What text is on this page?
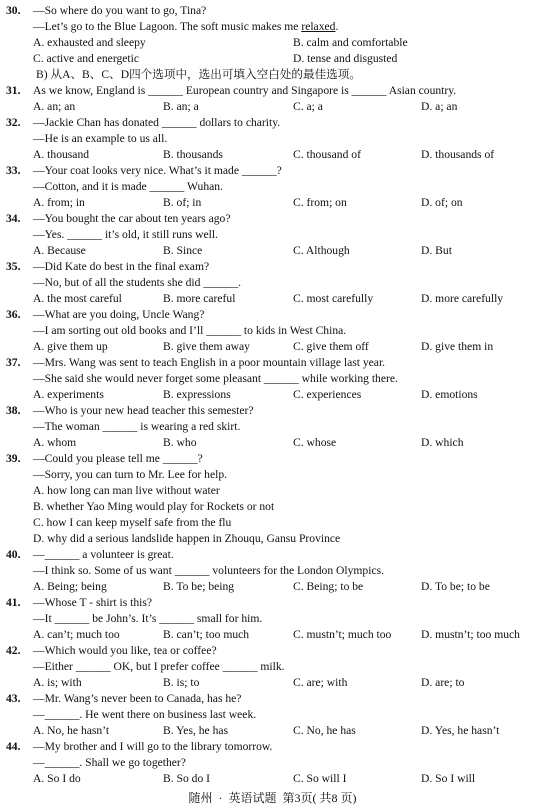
30. —So where do you want to go, Tina?
—Let’s go to the Blue Lagoon. The soft music makes me relaxed.
A. exhausted and sleepy	B. calm and comfortable
C. active and energetic	D. tense and disgusted
B) 从A、B、C、D四个选项中，选出可填入空白处的最佳选项。
31. As we know, England is ______ European country and Singapore is ______ Asian country.
A. an; an	B. an; a	C. a; a	D. a; an
32. —Jackie Chan has donated ______ dollars to charity.
—He is an example to us all.
A. thousand	B. thousands	C. thousand of	D. thousands of
33. —Your coat looks very nice. What’s it made ______?
—Cotton, and it is made ______ Wuhan.
A. from; in	B. of; in	C. from; on	D. of; on
34. —You bought the car about ten years ago?
—Yes. ______ it’s old, it still runs well.
A. Because	B. Since	C. Although	D. But
35. —Did Kate do best in the final exam?
—No, but of all the students she did ______.
A. the most careful	B. more careful	C. most carefully	D. more carefully
36. —What are you doing, Uncle Wang?
—I am sorting out old books and I’ll ______ to kids in West China.
A. give them up	B. give them away	C. give them off	D. give them in
37. —Mrs. Wang was sent to teach English in a poor mountain village last year.
—She said she would never forget some pleasant ______ while working there.
A. experiments	B. expressions	C. experiences	D. emotions
38. —Who is your new head teacher this semester?
—The woman ______ is wearing a red skirt.
A. whom	B. who	C. whose	D. which
39. —Could you please tell me ______?
—Sorry, you can turn to Mr. Lee for help.
A. how long can man live without water
B. whether Yao Ming would play for Rockets or not
C. how I can keep myself safe from the flu
D. why did a serious landslide happen in Zhouqu, Gansu Province
40. —______ a volunteer is great.
—I think so. Some of us want ______ volunteers for the London Olympics.
A. Being; being	B. To be; being	C. Being; to be	D. To be; to be
41. —Whose T - shirt is this?
—It ______ be John’s. It’s ______ small for him.
A. can’t; much too	B. can’t; too much	C. mustn’t; much too	D. mustn’t; too much
42. —Which would you like, tea or coffee?
—Either ______ OK, but I prefer coffee ______ milk.
A. is; with	B. is; to	C. are; with	D. are; to
43. —Mr. Wang’s never been to Canada, has he?
—______. He went there on business last week.
A. No, he hasn’t	B. Yes, he has	C. No, he has	D. Yes, he hasn’t
44. —My brother and I will go to the library tomorrow.
—______. Shall we go together?
A. So I do	B. So do I	C. So will I	D. So I will
随州 · 英语试题 第3页( 共8 页)
